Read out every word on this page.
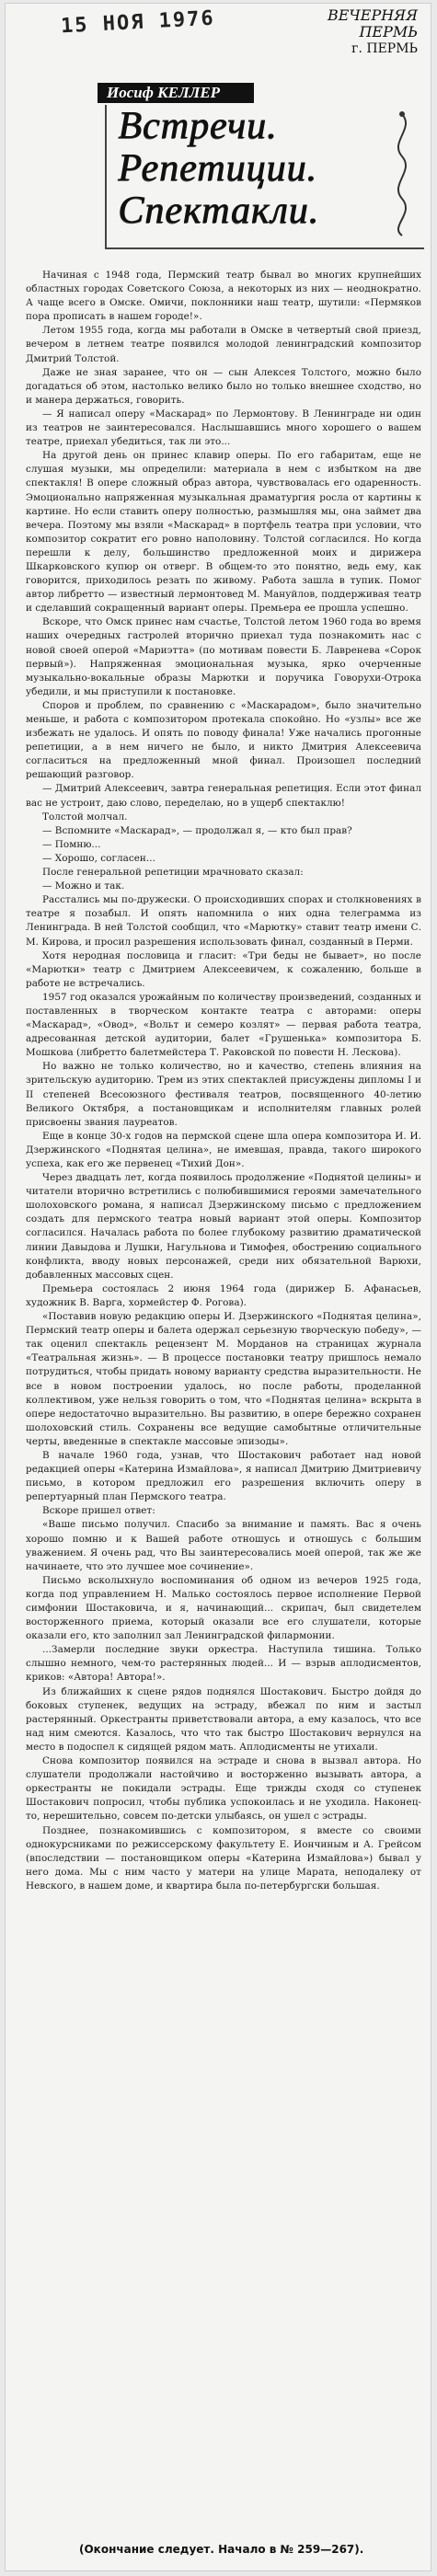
15 НОЯ 1976	ВЕЧЕРНЯЯ ПЕРМЬ
г. ПЕРМЬ
Иосиф КЕЛЛЕР
Встречи.
Репетиции.
Спектакли.

Начиная с 1948 года, Пермский театр бывал во многих крупнейших областных городах Советского Союза, а некоторых из них — неоднократно. А чаще всего в Омске. Омичи, поклонники наш театр, шутили: «Пермяков пора прописать в нашем городе!».

Летом 1955 года, когда мы работали в Омске в четвертый свой приезд, вечером в летнем театре появился молодой ленинградский композитор Дмитрий Толстой.

Даже не зная заранее, что он — сын Алексея Толстого, можно было догадаться об этом, настолько велико было но только внешнее сходство, но и манера держаться, говорить.

— Я написал оперу «Маскарад» по Лермонтову. В Ленинграде ни один из театров не заинтересовался. Наслышавшись много хорошего о вашем театре, приехал убедиться, так ли это...

На другой день он принес клавир оперы. По его габаритам, еще не слушая музыки, мы определили: материала в нем с избытком на две спектакля! В опере сложный образ автора, чувствовалась его одаренность. Эмоционально напряженная музыкальная драматургия росла от картины к картине. Но если ставить оперу полностью, размышляя мы, она займет два вечера. Поэтому мы взяли «Маскарад» в портфель театра при условии, что композитор сократит его ровно наполовину. Толстой согласился. Но когда перешли к делу, большинство предложенной моих и дирижера Шкарковского купюр он отверг. В общем-то это понятно, ведь ему, как говорится, приходилось резать по живому. Работа зашла в тупик. Помог автор либретто — известный лермонтовед М. Мануйлов, поддерживая театр и сделавший сокращенный вариант оперы. Премьера ее прошла успешно.

Вскоре, что Омск принес нам счастье, Толстой летом 1960 года во время наших очередных гастролей вторично приехал туда познакомить нас с новой своей оперой «Мариэтта» (по мотивам повести Б. Лавренева «Сорок первый»). Напряженная эмоциональная музыка, ярко очерченные музыкально-вокальные образы Марютки и поручика Говорухи-Отрока убедили, и мы приступили к постановке.

Споров и проблем, по сравнению с «Маскарадом», было значительно меньше, и работа с композитором протекала спокойно. Но «узлы» все же избежать не удалось. И опять по поводу финала! Уже начались прогонные репетиции, а в нем ничего не было, и никто Дмитрия Алексеевича согласиться на предложенный мной финал. Произошел последний решающий разговор.

— Дмитрий Алексеевич, завтра генеральная репетиция. Если этот финал вас не устроит, даю слово, переделаю, но в ущерб спектаклю!

Толстой молчал.

— Вспомните «Маскарад», — продолжал я, — кто был прав?

— Помню...

— Хорошо, согласен...

После генеральной репетиции мрачновато сказал:

— Можно и так.

Расстались мы по-дружески. О происходивших спорах и столкновениях в театре я позабыл. И опять напомнила о них одна телеграмма из Ленинграда. В ней Толстой сообщил, что «Марютку» ставит театр имени С. М. Кирова, и просил разрешения использовать финал, созданный в Перми.

Хотя неродная пословица и гласит: «Три беды не бывает», но после «Марютки» театр с Дмитрием Алексеевичем, к сожалению, больше в работе не встречались.

1957 год оказался урожайным по количеству произведений, созданных и поставленных в творческом контакте театра с авторами: оперы «Маскарад», «Овод», «Вольт и семеро козлят» — первая работа театра, адресованная детской аудитории, балет «Грушенька» композитора Б. Мошкова (либретто балетмейстера Т. Раковской по повести Н. Лескова).

Но важно не только количество, но и качество, степень влияния на зрительскую аудиторию. Трем из этих спектаклей присуждены дипломы I и II степеней Всесоюзного фестиваля театров, посвященного 40-летию Великого Октября, а постановщикам и исполнителям главных ролей присвоены звания лауреатов.

Еще в конце 30-х годов на пермской сцене шла опера композитора И. И. Дзержинского «Поднятая целина», не имевшая, правда, такого широкого успеха, как его же первенец «Тихий Дон».

Через двадцать лет, когда появилось продолжение «Поднятой целины» и читатели вторично встретились с полюбившимися героями замечательного шолоховского романа, я написал Дзержинскому письмо с предложением создать для пермского театра новый вариант этой оперы. Композитор согласился. Началась работа по более глубокому развитию драматической линии Давыдова и Лушки, Нагульнова и Тимофея, обострению социального конфликта, вводу новых персонажей, среди них обязательной Варюхи, добавленных массовых сцен.

Премьера состоялась 2 июня 1964 года (дирижер Б. Афанасьев, художник В. Варга, хормейстер Ф. Рогова).

«Поставив новую редакцию оперы И. Дзержинского «Поднятая целина», Пермский театр оперы и балета одержал серьезную творческую победу», — так оценил спектакль рецензент М. Морданов на страницах журнала «Театральная жизнь». — В процессе постановки театру пришлось немало потрудиться, чтобы придать новому варианту средства выразительности. Не все в новом построении удалось, но после работы, проделанной коллективом, уже нельзя говорить о том, что «Поднятая целина» вскрыта в опере недостаточно выразительно. Вы развитию, в опере бережно сохранен шолоховский стиль. Сохранены все ведущие самобытные отличительные черты, введенные в спектакле массовые эпизоды».

В начале 1960 года, узнав, что Шостакович работает над новой редакцией оперы «Катерина Измайлова», я написал Дмитрию Дмитриевичу письмо, в котором предложил его разрешения включить оперу в репертуарный план Пермского театра.

Вскоре пришел ответ:

«Ваше письмо получил. Спасибо за внимание и память. Вас я очень хорошо помню и к Вашей работе отношусь и отношусь с большим уважением. Я очень рад, что Вы заинтересовались моей оперой, так же же начинаете, что это лучшее мое сочинение».

Письмо всколыхнуло воспоминания об одном из вечеров 1925 года, когда под управлением Н. Малько состоялось первое исполнение Первой симфонии Шостаковича, и я, начинающий... скрипач, был свидетелем восторженного приема, который оказали все его слушатели, которые оказали его, кто заполнил зал Ленинградской филармонии.

...Замерли последние звуки оркестра. Наступила тишина. Только слышно немного, чем-то растерянных людей... И — взрыв аплодисментов, криков: «Автора! Автора!».

Из ближайших к сцене рядов поднялся Шостакович. Быстро дойдя до боковых ступенек, ведущих на эстраду, вбежал по ним и застыл растерянный. Оркестранты приветствовали автора, а ему казалось, что все над ним смеются. Казалось, что что так быстро Шостакович вернулся на место в подоспел к сидящей рядом мать. Аплодисменты не утихали.

Снова композитор появился на эстраде и снова в вызвал автора. Но слушатели продолжали настойчиво и восторженно вызывать автора, а оркестранты не покидали эстрады. Еще трижды сходя со ступенек Шостакович попросил, чтобы публика успокоилась и не уходила. Наконец-то, нерешительно, совсем по-детски улыбаясь, он ушел с эстрады.

Позднее, познакомившись с композитором, я вместе со своими однокурсниками по режиссерскому факультету Е. Иончиным и А. Грейсом (впоследствии — постановщиком оперы «Катерина Измайлова») бывал у него дома. Мы с ним часто у матери на улице Марата, неподалеку от Невского, в нашем доме, и квартира была по-петербургски большая.

(Окончание следует. Начало в № 259—267).
